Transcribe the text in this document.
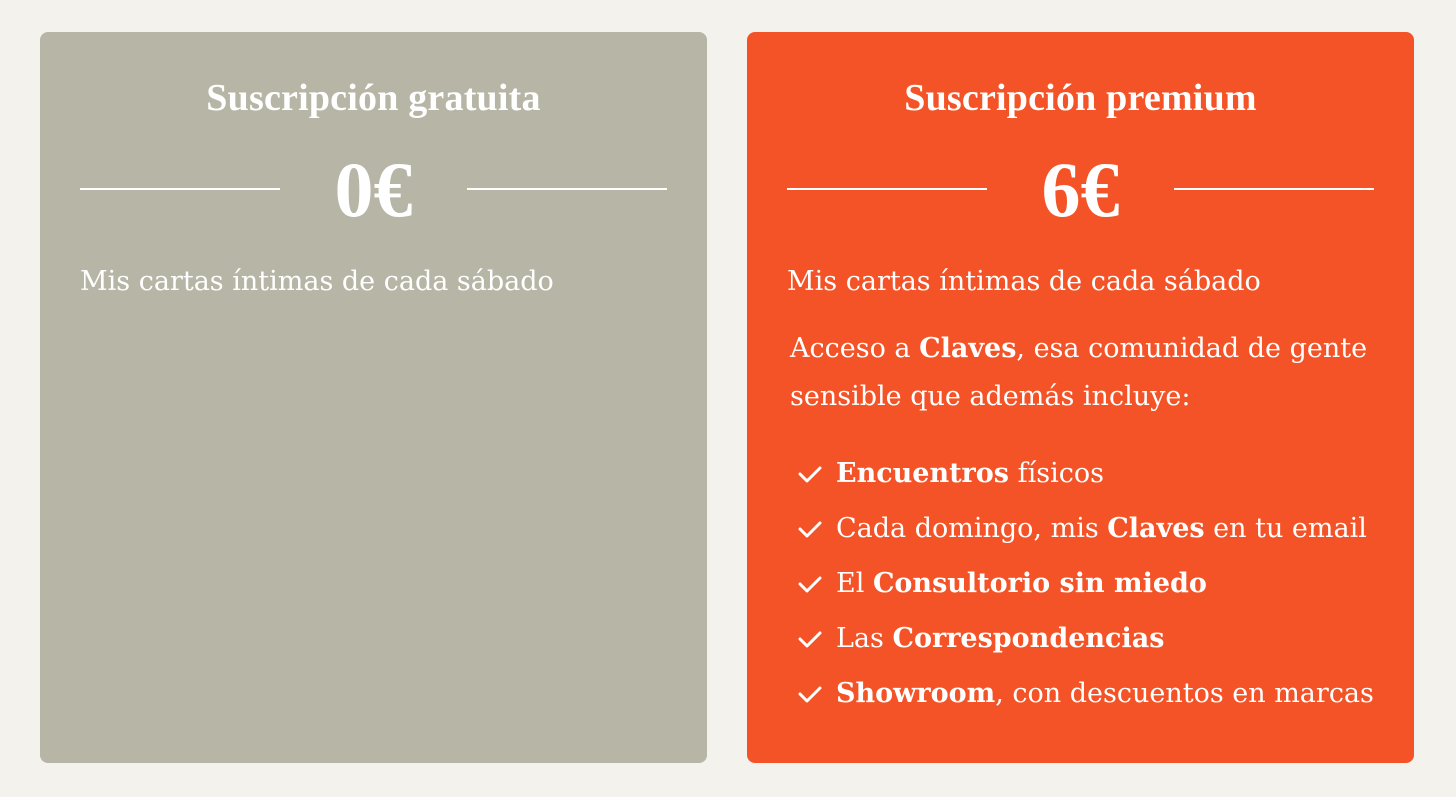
Suscripción gratuita
0€

Mis cartas íntimas de cada sábado

Suscripción premium
6€

Mis cartas íntimas de cada sábado

Acceso a Claves, esa comunidad de gente sensible que además incluye:

Encuentros físicos
Cada domingo, mis Claves en tu email
El Consultorio sin miedo
Las Correspondencias
Showroom, con descuentos en marcas
